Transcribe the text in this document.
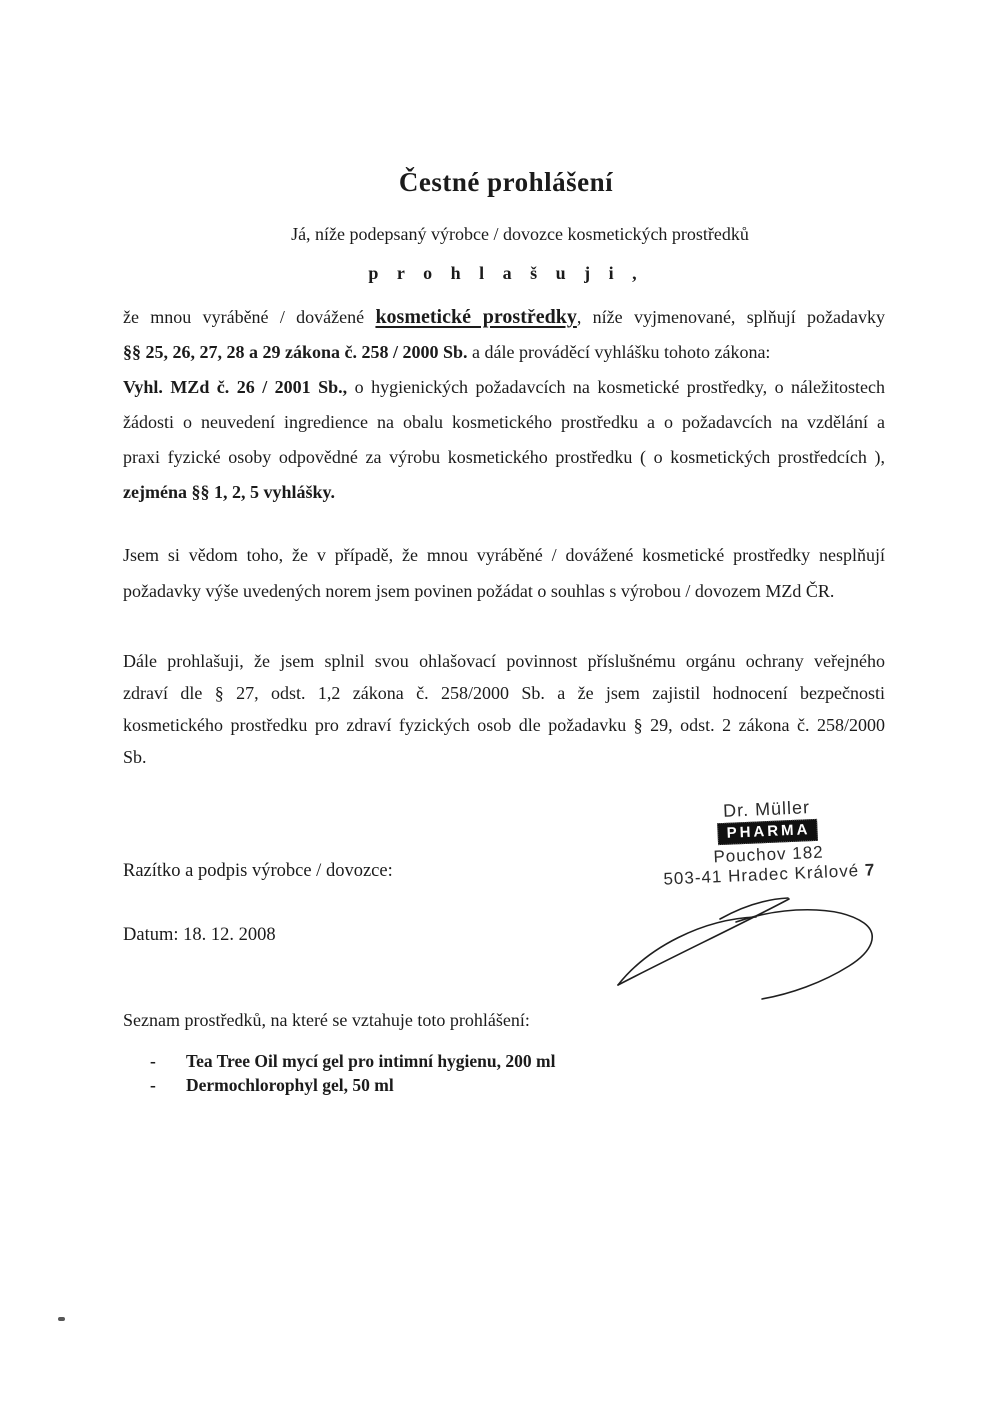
Čestné prohlášení
Já, níže podepsaný výrobce / dovozce kosmetických prostředků
p r o h l a š u j i ,
že mnou vyráběné / dovážené kosmetické prostředky, níže vyjmenované, splňují požadavky
§§ 25, 26, 27, 28 a 29 zákona č. 258 / 2000 Sb. a dále prováděcí vyhlášku tohoto zákona:
Vyhl. MZd č. 26 / 2001 Sb., o hygienických požadavcích na kosmetické prostředky, o náležitostech
žádosti o neuvedení ingredience na obalu kosmetického prostředku a o požadavcích na vzdělání a
praxi fyzické osoby odpovědné za výrobu kosmetického prostředku ( o kosmetických prostředcích ),
zejména §§ 1, 2, 5 vyhlášky.
Jsem si vědom toho, že v případě, že mnou vyráběné / dovážené kosmetické prostředky nesplňují
požadavky výše uvedených norem jsem povinen požádat o souhlas s výrobou / dovozem MZd ČR.
Dále prohlašuji, že jsem splnil svou ohlašovací povinnost příslušnému orgánu ochrany veřejného
zdraví dle § 27, odst. 1,2 zákona č. 258/2000 Sb. a že jsem zajistil hodnocení bezpečnosti
kosmetického prostředku pro zdraví fyzických osob dle požadavku § 29, odst. 2 zákona č. 258/2000
Sb.
Dr. Müller
PHARMA
Pouchov 182
503-41 Hradec Králové 7
Razítko a podpis výrobce / dovozce:
Datum: 18. 12. 2008
Seznam prostředků, na které se vztahuje toto prohlášení:
-	Tea Tree Oil mycí gel pro intimní hygienu, 200 ml
-	Dermochlorophyl gel, 50 ml
